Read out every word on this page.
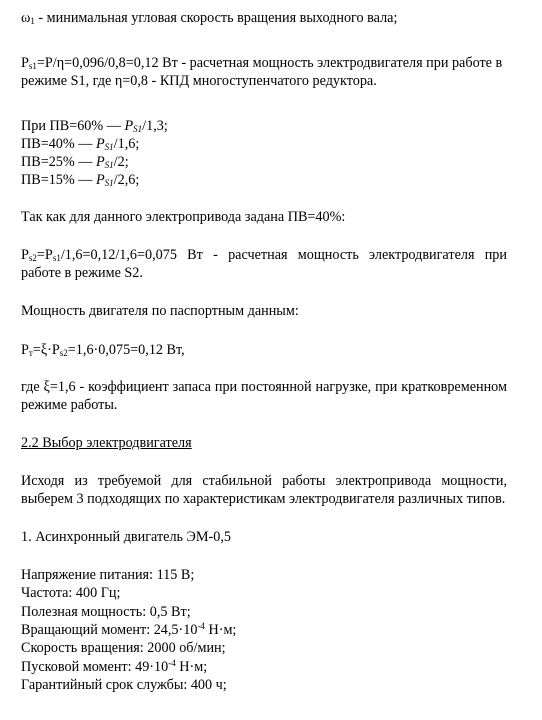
$\omega_1$ - минимальная угловая скорость вращения выходного вала;
$P_{s1}=P/\eta=0,096/0,8=0,12$ Вт - расчетная мощность электродвигателя при работе в
режиме S1, где η=0,8 - КПД многоступенчатого редуктора.
При ПВ=60% — $P_{S1}/1,3$;
ПВ=40% — $P_{S1}/1,6$;
ПВ=25% — $P_{S1}/2$;
ПВ=15% — $P_{S1}/2,6$;
Так как для данного электропривода задана ПВ=40%:
$P_{s2}=P_{s1}/1,6=0,12/1,6=0,075$ Вт - расчетная мощность электродвигателя при
работе в режиме S2.
Мощность двигателя по паспортным данным:
$P_т=\xi\cdot P_{s2}=1,6\cdot 0,075=0,12$ Вт,
где ξ=1,6 - коэффициент запаса при постоянной нагрузке, при кратковременном
режиме работы.
2.2 Выбор электродвигателя
Исходя из требуемой для стабильной работы электропривода мощности,
выберем 3 подходящих по характеристикам электродвигателя различных типов.
1. Асинхронный двигатель ЭМ-0,5
Напряжение питания: 115 В;
Частота: 400 Гц;
Полезная мощность: 0,5 Вт;
Вращающий момент: $24,5\cdot 10^{-4}$ Н·м;
Скорость вращения: 2000 об/мин;
Пусковой момент: $49\cdot 10^{-4}$ Н·м;
Гарантийный срок службы: 400 ч;
